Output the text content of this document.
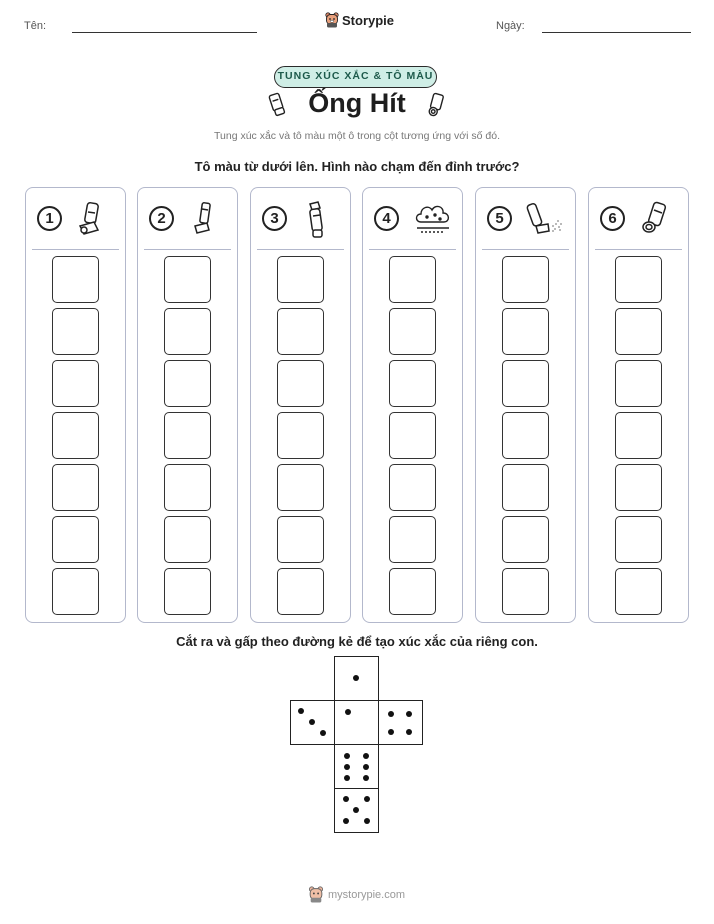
Tên:	Storypie	Ngày:
TUNG XÚC XẮC & TÔ MÀU
Ống Hít
Tung xúc xắc và tô màu một ô trong cột tương ứng với số đó.
Tô màu từ dưới lên. Hình nào chạm đến đỉnh trước?
1	2	3	4	5	6
Cắt ra và gấp theo đường kẻ để tạo xúc xắc của riêng con.
mystorypie.com
